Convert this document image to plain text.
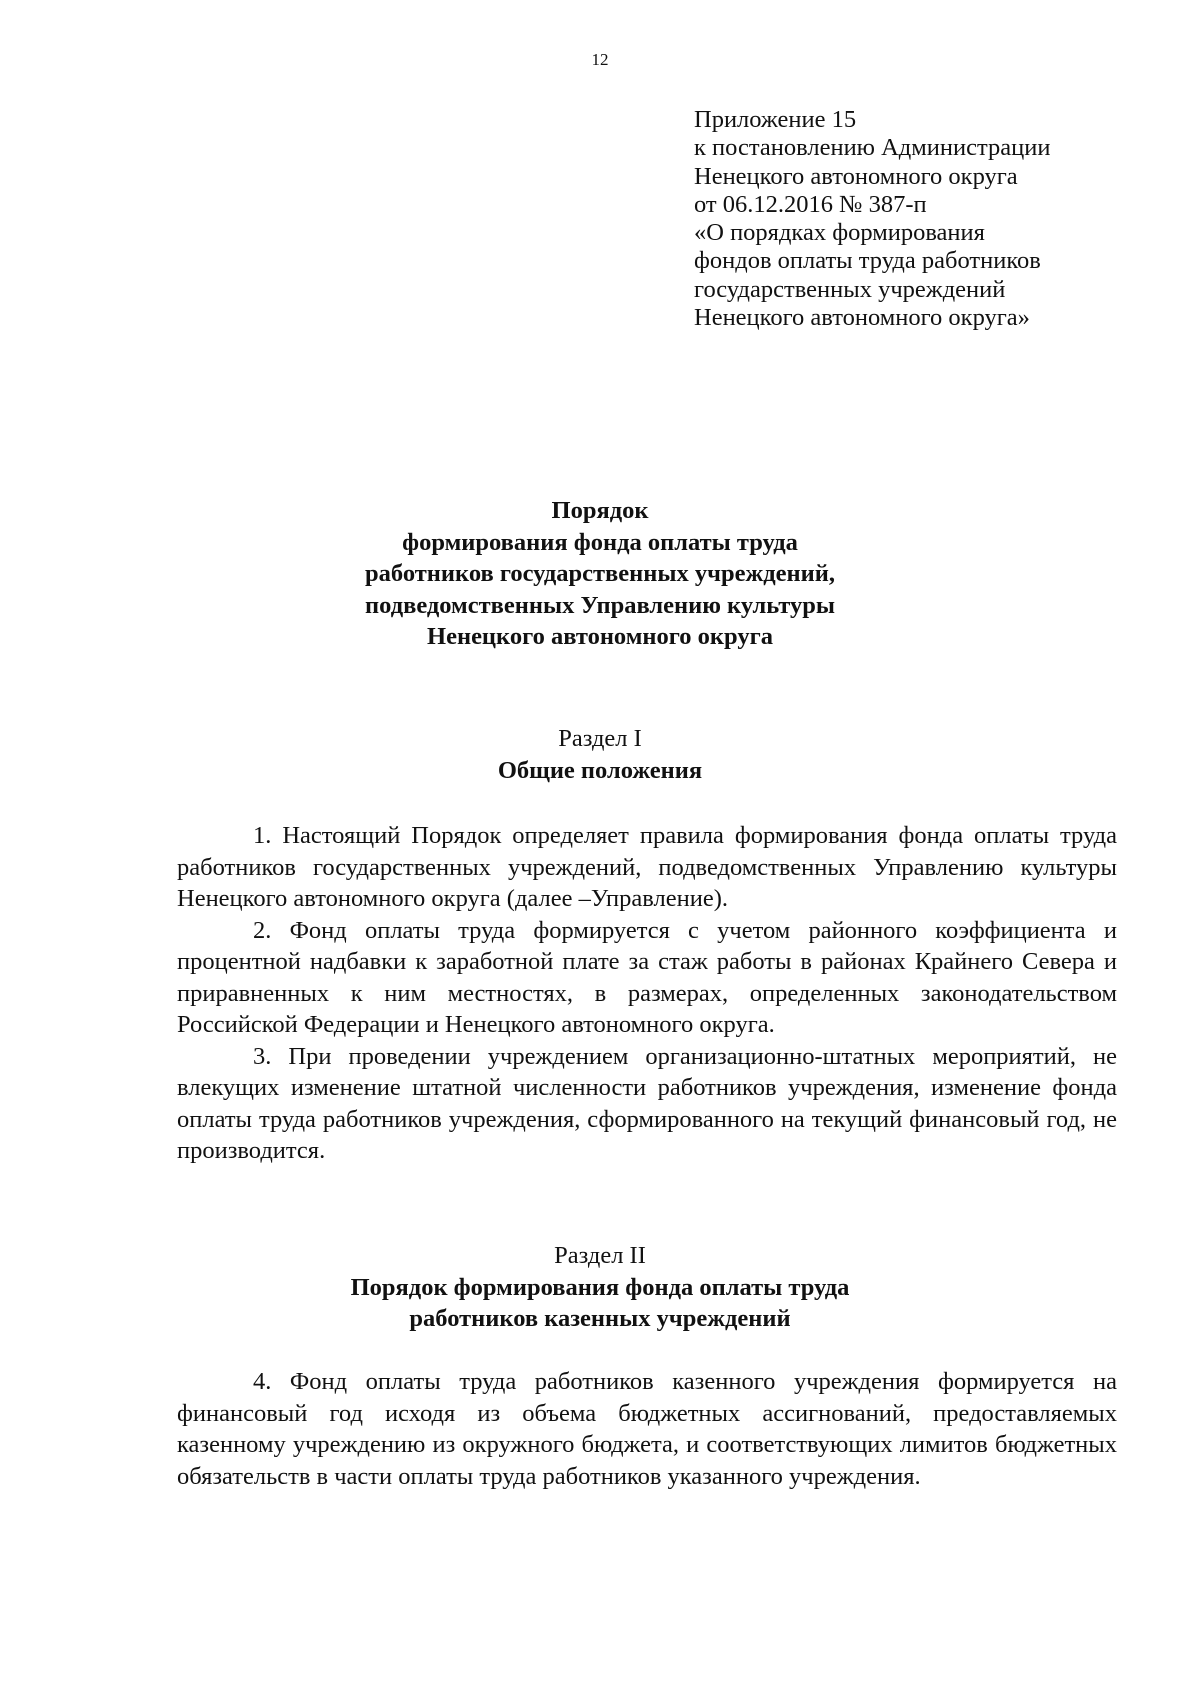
12
Приложение 15
к постановлению Администрации
Ненецкого автономного округа
от 06.12.2016 № 387-п
«О порядках формирования
фондов оплаты труда работников
государственных учреждений
Ненецкого автономного округа»
Порядок
формирования фонда оплаты труда
работников государственных учреждений,
подведомственных Управлению культуры
Ненецкого автономного округа
Раздел I
Общие положения

1. Настоящий Порядок определяет правила формирования фонда оплаты труда работников государственных учреждений, подведомственных Управлению культуры Ненецкого автономного округа (далее –Управление).

2. Фонд оплаты труда формируется с учетом районного коэффициента и процентной надбавки к заработной плате за стаж работы в районах Крайнего Севера и приравненных к ним местностях, в размерах, определенных законодательством Российской Федерации и Ненецкого автономного округа.

3. При проведении учреждением организационно-штатных мероприятий, не влекущих изменение штатной численности работников учреждения, изменение фонда оплаты труда работников учреждения, сформированного на текущий финансовый год, не производится.

Раздел II
Порядок формирования фонда оплаты труда
работников казенных учреждений

4. Фонд оплаты труда работников казенного учреждения формируется на финансовый год исходя из объема бюджетных ассигнований, предоставляемых казенному учреждению из окружного бюджета, и соответствующих лимитов бюджетных обязательств в части оплаты труда работников указанного учреждения.
